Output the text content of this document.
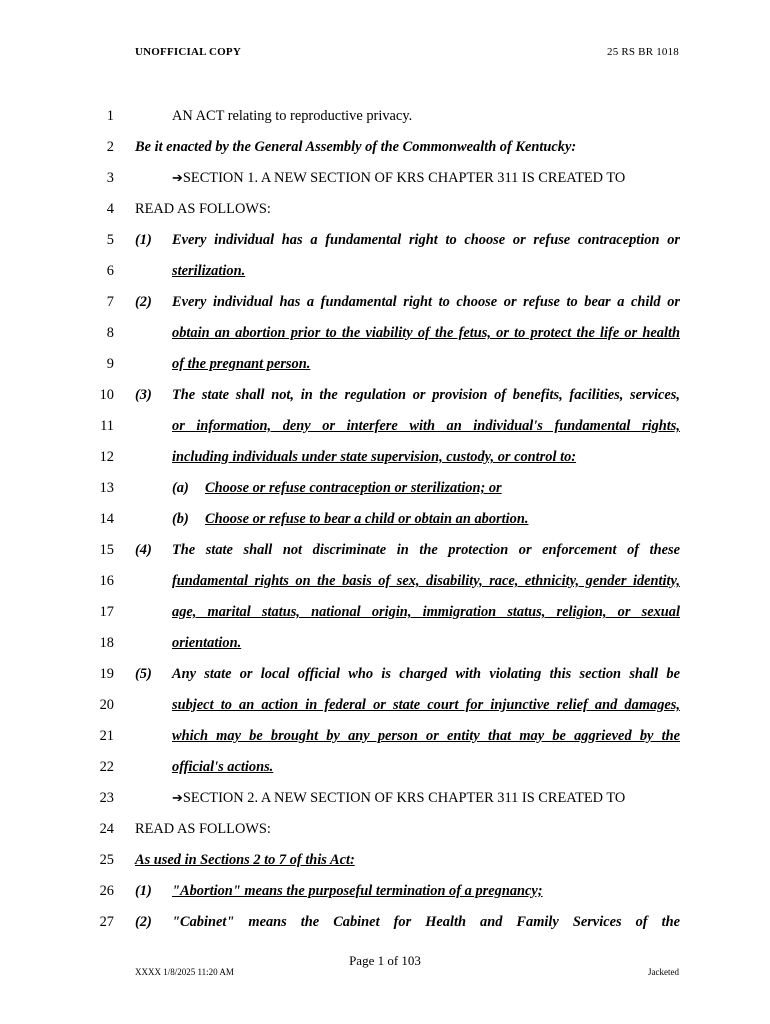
UNOFFICIAL COPY	25 RS BR 1018
1	AN ACT relating to reproductive privacy.
2 Be it enacted by the General Assembly of the Commonwealth of Kentucky:
3	➔SECTION 1. A NEW SECTION OF KRS CHAPTER 311 IS CREATED TO
4 READ AS FOLLOWS:
5 (1) Every individual has a fundamental right to choose or refuse contraception or
6	sterilization.
7 (2) Every individual has a fundamental right to choose or refuse to bear a child or
8	obtain an abortion prior to the viability of the fetus, or to protect the life or health
9	of the pregnant person.
10 (3) The state shall not, in the regulation or provision of benefits, facilities, services,
11	or information, deny or interfere with an individual's fundamental rights,
12	including individuals under state supervision, custody, or control to:
13	(a) Choose or refuse contraception or sterilization; or
14	(b) Choose or refuse to bear a child or obtain an abortion.
15 (4) The state shall not discriminate in the protection or enforcement of these
16	fundamental rights on the basis of sex, disability, race, ethnicity, gender identity,
17	age, marital status, national origin, immigration status, religion, or sexual
18	orientation.
19 (5) Any state or local official who is charged with violating this section shall be
20	subject to an action in federal or state court for injunctive relief and damages,
21	which may be brought by any person or entity that may be aggrieved by the
22	official's actions.
23	➔SECTION 2. A NEW SECTION OF KRS CHAPTER 311 IS CREATED TO
24 READ AS FOLLOWS:
25 As used in Sections 2 to 7 of this Act:
26 (1) "Abortion" means the purposeful termination of a pregnancy;
27 (2) "Cabinet" means the Cabinet for Health and Family Services of the
Page 1 of 103
XXXX 1/8/2025 11:20 AM	Jacketed
